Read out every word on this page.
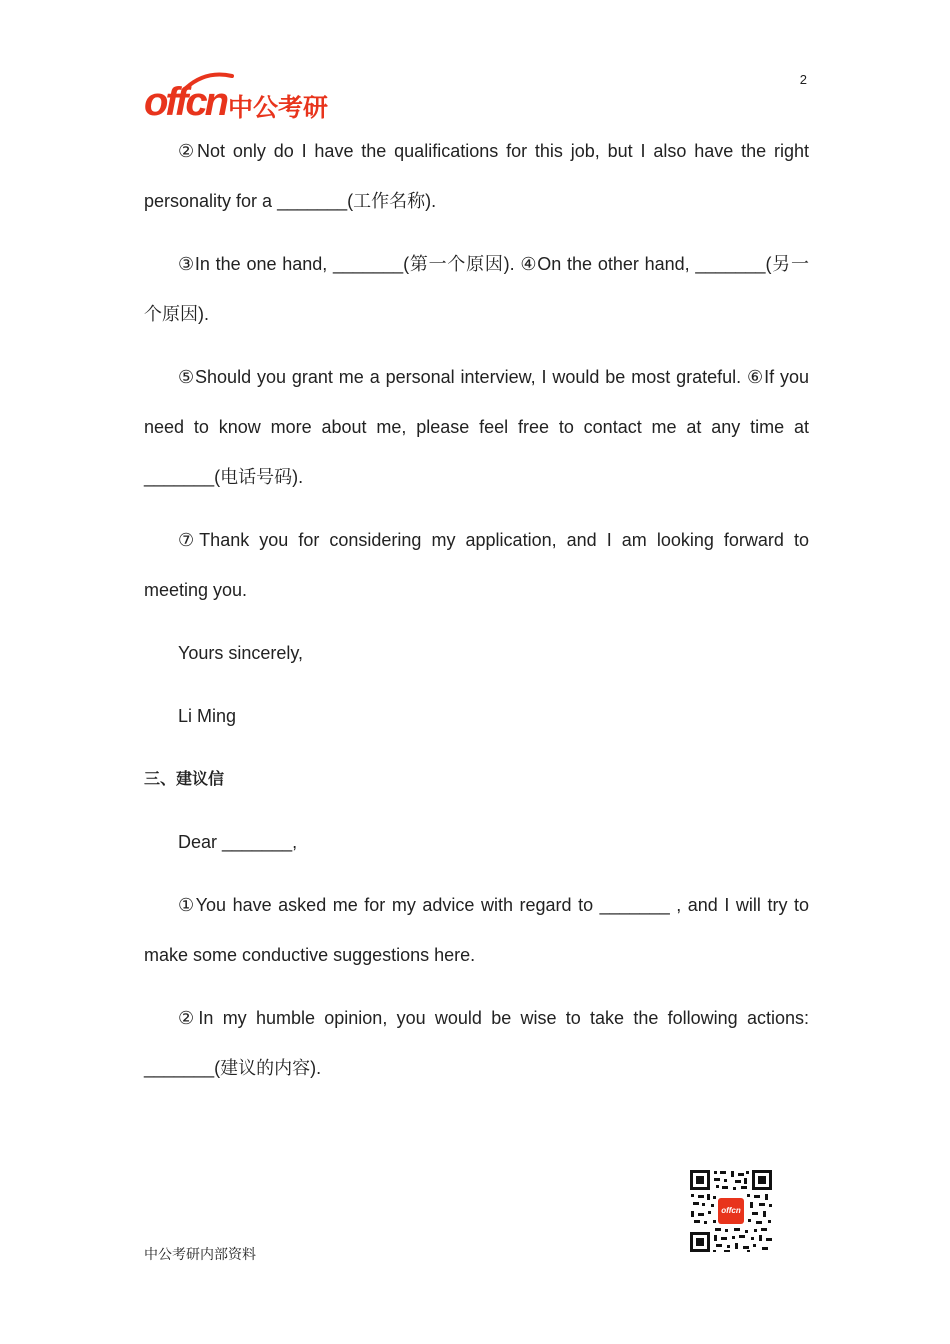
offcn 中公考研
2

②Not only do I have the qualifications for this job, but I also have the right personality for a _______(工作名称).

③In the one hand, _______(第一个原因). ④On the other hand, _______(另一个原因).

⑤Should you grant me a personal interview, I would be most grateful. ⑥If you need to know more about me, please feel free to contact me at any time at _______(电话号码).

⑦Thank you for considering my application, and I am looking forward to meeting you.

Yours sincerely,

Li Ming

三、建议信

Dear _______,

①You have asked me for my advice with regard to _______ , and I will try to make some conductive suggestions here.

②In my humble opinion, you would be wise to take the following actions: _______(建议的内容).

中公考研内部资料
offcn
